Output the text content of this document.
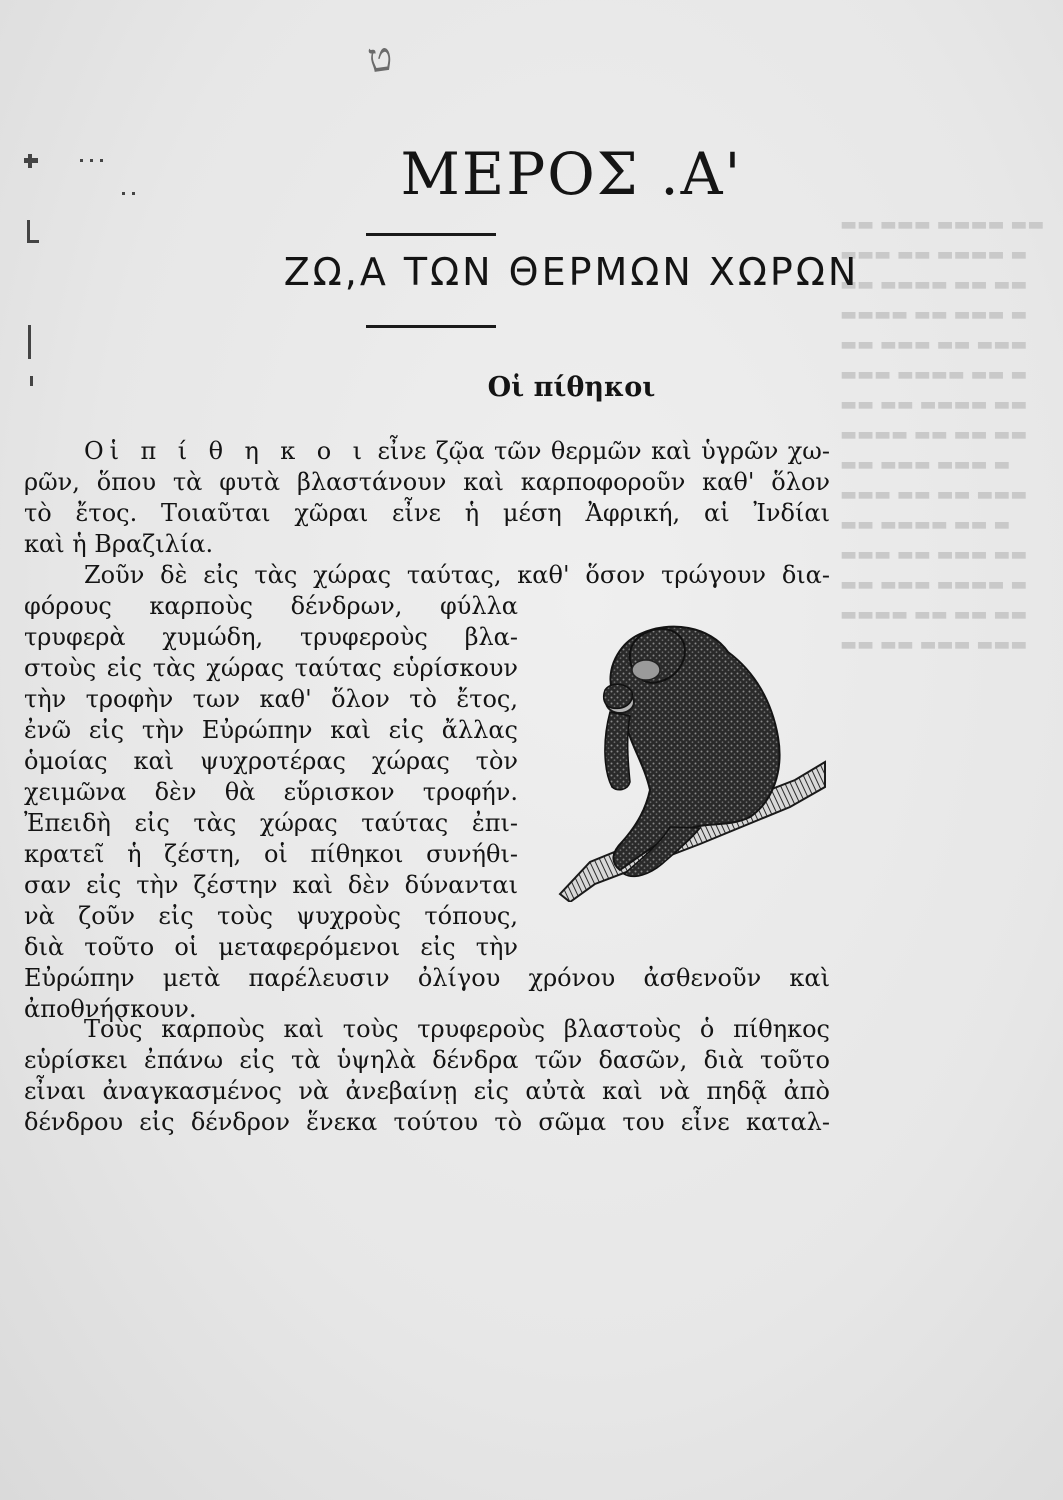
▬▬ ▬▬▬ ▬▬▬▬ ▬▬
▬▬▬ ▬▬ ▬▬▬▬ ▬
▬▬ ▬▬▬▬ ▬▬ ▬▬
▬▬▬▬ ▬▬ ▬▬▬ ▬
▬▬ ▬▬▬ ▬▬ ▬▬▬
▬▬▬ ▬▬▬▬ ▬▬ ▬
▬▬ ▬▬ ▬▬▬▬ ▬▬
▬▬▬▬ ▬▬ ▬▬ ▬▬
▬▬ ▬▬▬ ▬▬▬ ▬
▬▬▬ ▬▬ ▬▬ ▬▬▬
▬▬ ▬▬▬▬ ▬▬ ▬
▬▬▬ ▬▬ ▬▬▬ ▬▬
▬▬ ▬▬▬ ▬▬▬▬ ▬
▬▬▬▬ ▬▬ ▬▬ ▬▬
▬▬ ▬▬ ▬▬▬ ▬▬▬
ט
ΜΕΡΟΣ .Α'
ΖΩ,Α ΤΩΝ ΘΕΡΜΩΝ ΧΩΡΩΝ
Οἱ πίθηκοι
Οἱ π ί θ η κ ο ι εἶνε ζῷα τῶν θερμῶν καὶ ὑγρῶν χω-
ρῶν, ὅπου τὰ φυτὰ βλαστάνουν καὶ καρποφοροῦν καθ' ὅλον
τὸ ἔτος. Τοιαῦται χῶραι εἶνε ἡ μέση Ἀφρική, αἱ Ἰνδίαι
καὶ ἡ Βραζιλία.
Ζοῦν δὲ εἰς τὰς χώρας ταύτας, καθ' ὅσον τρώγουν δια-
φόρους καρποὺς δένδρων, φύλλα
τρυφερὰ χυμώδη, τρυφεροὺς βλα-
στοὺς εἰς τὰς χώρας ταύτας εὑρίσκουν
τὴν τροφὴν των καθ' ὅλον τὸ ἔτος,
ἐνῶ εἰς τὴν Εὐρώπην καὶ εἰς ἄλλας
ὁμοίας καὶ ψυχροτέρας χώρας τὸν
χειμῶνα δὲν θὰ εὕρισκον τροφήν.
Ἐπειδὴ εἰς τὰς χώρας ταύτας ἐπι-
κρατεῖ ἡ ζέστη, οἱ πίθηκοι συνήθι-
σαν εἰς τὴν ζέστην καὶ δὲν δύνανται
νὰ ζοῦν εἰς τοὺς ψυχροὺς τόπους,
διὰ τοῦτο οἱ μεταφερόμενοι εἰς τὴν
Εὐρώπην μετὰ παρέλευσιν ὀλίγου χρόνου ἀσθενοῦν καὶ
ἀποθνήσκουν.
Τοὺς καρποὺς καὶ τοὺς τρυφεροὺς βλαστοὺς ὁ πίθηκος
εὑρίσκει ἐπάνω εἰς τὰ ὑψηλὰ δένδρα τῶν δασῶν, διὰ τοῦτο
εἶναι ἀναγκασμένος νὰ ἀνεβαίνῃ εἰς αὐτὰ καὶ νὰ πηδᾷ ἀπὸ
δένδρου εἰς δένδρον ἕνεκα τούτου τὸ σῶμα του εἶνε καταλ-
